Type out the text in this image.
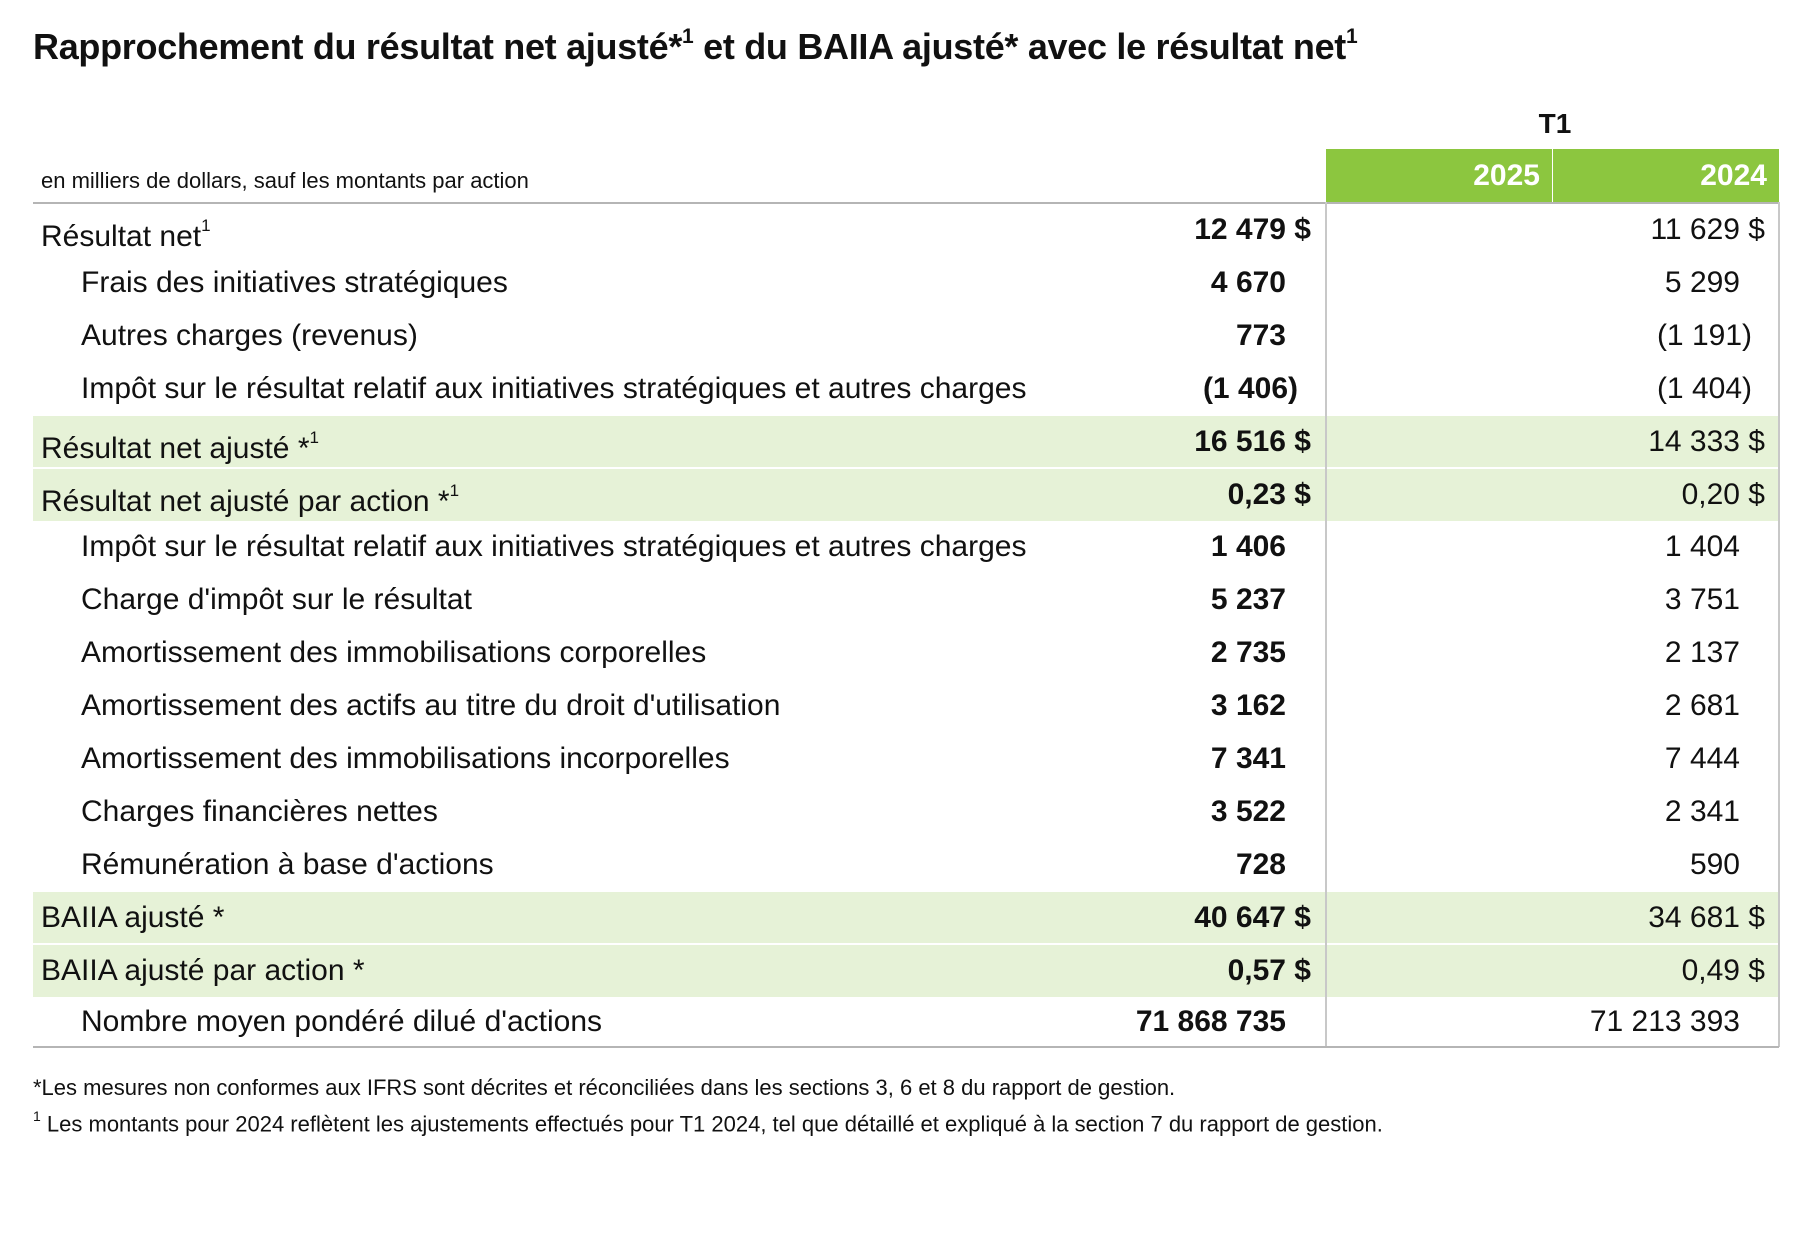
Rapprochement du résultat net ajusté*$^1$ et du BAIIA ajusté* avec le résultat net$^1$
T1
en milliers de dollars, sauf les montants par action	2025	2024
Résultat net$^1$	12 479 $	11 629 $
Frais des initiatives stratégiques	4 670	5 299
Autres charges (revenus)	773	(1 191)
Impôt sur le résultat relatif aux initiatives stratégiques et autres charges	(1 406)	(1 404)
Résultat net ajusté *$^1$	16 516 $	14 333 $
Résultat net ajusté par action *$^1$	0,23 $	0,20 $
Impôt sur le résultat relatif aux initiatives stratégiques et autres charges	1 406	1 404
Charge d'impôt sur le résultat	5 237	3 751
Amortissement des immobilisations corporelles	2 735	2 137
Amortissement des actifs au titre du droit d'utilisation	3 162	2 681
Amortissement des immobilisations incorporelles	7 341	7 444
Charges financières nettes	3 522	2 341
Rémunération à base d'actions	728	590
BAIIA ajusté *	40 647 $	34 681 $
BAIIA ajusté par action *	0,57 $	0,49 $
Nombre moyen pondéré dilué d'actions	71 868 735	71 213 393
*Les mesures non conformes aux IFRS sont décrites et réconciliées dans les sections 3, 6 et 8 du rapport de gestion.
$^1$ Les montants pour 2024 reflètent les ajustements effectués pour T1 2024, tel que détaillé et expliqué à la section 7 du rapport de gestion.
